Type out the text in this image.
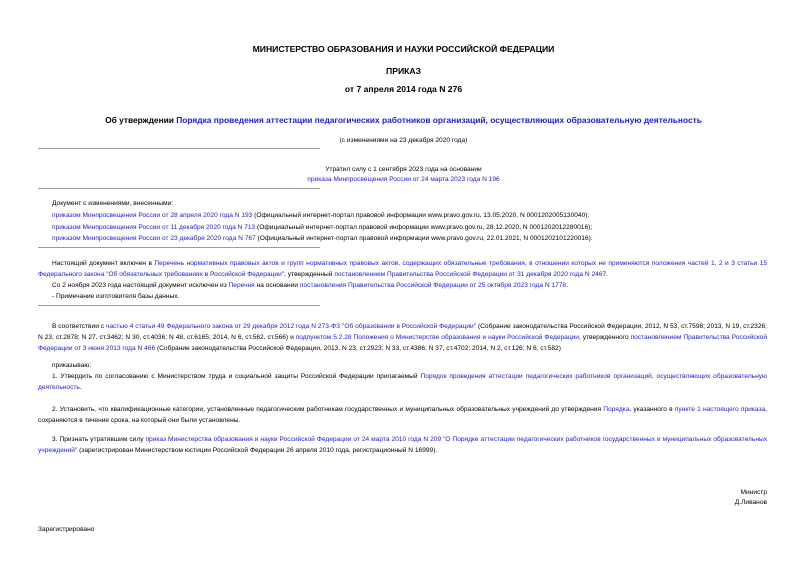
МИНИСТЕРСТВО ОБРАЗОВАНИЯ И НАУКИ РОССИЙСКОЙ ФЕДЕРАЦИИ
ПРИКАЗ
от 7 апреля 2014 года N 276
Об утверждении Порядка проведения аттестации педагогических работников организаций, осуществляющих образовательную деятельность
(с изменениями на 23 декабря 2020 года)
Утратил силу с 1 сентября 2023 года на основании
приказа Минпросвещения России от 24 марта 2023 года N 196
Документ с изменениями, внесенными:
приказом Минпросвещения России от 28 апреля 2020 года N 193 (Официальный интернет-портал правовой информации www.pravo.gov.ru, 13.05.2020, N 0001202005130040);
приказом Минпросвещения России от 11 декабря 2020 года N 713 (Официальный интернет-портал правовой информации www.pravo.gov.ru, 28.12.2020, N 0001202012280016);
приказом Минпросвещения России от 23 декабря 2020 года N 767 (Официальный интернет-портал правовой информации www.pravo.gov.ru, 22.01.2021, N 0001202101220016).
Настоящий документ включен в Перечень нормативных правовых актов и групп нормативных правовых актов, содержащих обязательные требования, в отношении которых не применяются положения частей 1, 2 и 3 статьи 15 Федерального закона "Об обязательных требованиях в Российской Федерации", утвержденный постановлением Правительства Российской Федерации от 31 декабря 2020 года N 2467.
Со 2 ноября 2023 года настоящий документ исключен из Перечня на основании постановления Правительства Российской Федерации от 25 октября 2023 года N 1778.
- Примечание изготовителя базы данных.
В соответствии с частью 4 статьи 49 Федерального закона от 29 декабря 2012 года N 273-ФЗ "Об образовании в Российской Федерации" (Собрание законодательства Российской Федерации, 2012, N 53, ст.7598; 2013, N 19, ст.2326; N 23, ст.2878; N 27, ст.3462; N 30, ст.4036; N 48, ст.6165; 2014, N 6, ст.562, ст.566) и подпунктом 5.2.28 Положения о Министерстве образования и науки Российской Федерации, утвержденного постановлением Правительства Российской Федерации от 3 июня 2013 года N 466 (Собрание законодательства Российской Федерации, 2013, N 23, ст.2923; N 33, ст.4386; N 37, ст.4702; 2014, N 2, ст.126; N 6, ст.582)
приказываю:
1. Утвердить по согласованию с Министерством труда и социальной защиты Российской Федерации прилагаемый Порядок проведения аттестации педагогических работников организаций, осуществляющих образовательную деятельность.
2. Установить, что квалификационные категории, установленные педагогическим работникам государственных и муниципальных образовательных учреждений до утверждения Порядка, указанного в пункте 1 настоящего приказа, сохраняются в течение срока, на который они были установлены.
3. Признать утратившим силу приказ Министерства образования и науки Российской Федерации от 24 марта 2010 года N 209 "О Порядке аттестации педагогических работников государственных и муниципальных образовательных учреждений" (зарегистрирован Министерством юстиции Российской Федерации 26 апреля 2010 года, регистрационный N 16999).
Министр
Д.Ливанов
Зарегистрировано
